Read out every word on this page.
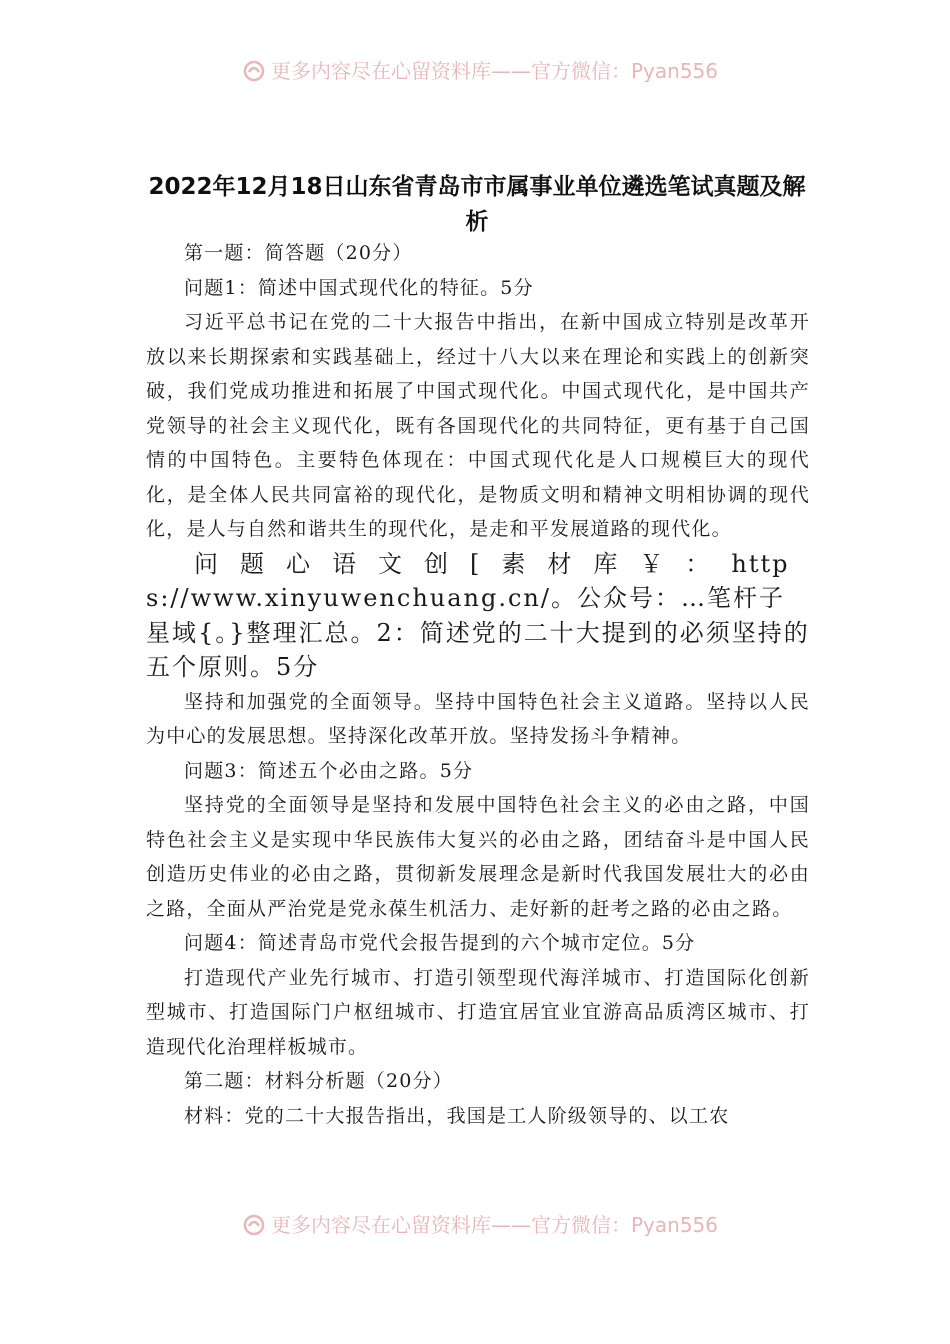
更多内容尽在心留资料库——官方微信：Pyan556
2022年12月18日山东省青岛市市属事业单位遴选笔试真题及解析

第一题：简答题（20分）

问题1：简述中国式现代化的特征。5分

习近平总书记在党的二十大报告中指出，在新中国成立特别是改革开放以来长期探索和实践基础上，经过十八大以来在理论和实践上的创新突破，我们党成功推进和拓展了中国式现代化。中国式现代化，是中国共产党领导的社会主义现代化，既有各国现代化的共同特征，更有基于自己国情的中国特色。主要特色体现在：中国式现代化是人口规模巨大的现代化，是全体人民共同富裕的现代化，是物质文明和精神文明相协调的现代化，是人与自然和谐共生的现代化，是走和平发展道路的现代化。

问题心语文创[素材库￥：https://www.xinyuwenchuang.cn/。公众号：…笔杆子星域{。}整理汇总。2：简述党的二十大提到的必须坚持的五个原则。5分

坚持和加强党的全面领导。坚持中国特色社会主义道路。坚持以人民为中心的发展思想。坚持深化改革开放。坚持发扬斗争精神。

问题3：简述五个必由之路。5分

坚持党的全面领导是坚持和发展中国特色社会主义的必由之路，中国特色社会主义是实现中华民族伟大复兴的必由之路，团结奋斗是中国人民创造历史伟业的必由之路，贯彻新发展理念是新时代我国发展壮大的必由之路，全面从严治党是党永葆生机活力、走好新的赶考之路的必由之路。

问题4：简述青岛市党代会报告提到的六个城市定位。5分

打造现代产业先行城市、打造引领型现代海洋城市、打造国际化创新型城市、打造国际门户枢纽城市、打造宜居宜业宜游高品质湾区城市、打造现代化治理样板城市。

第二题：材料分析题（20分）

材料：党的二十大报告指出，我国是工人阶级领导的、以工农

更多内容尽在心留资料库——官方微信：Pyan556
